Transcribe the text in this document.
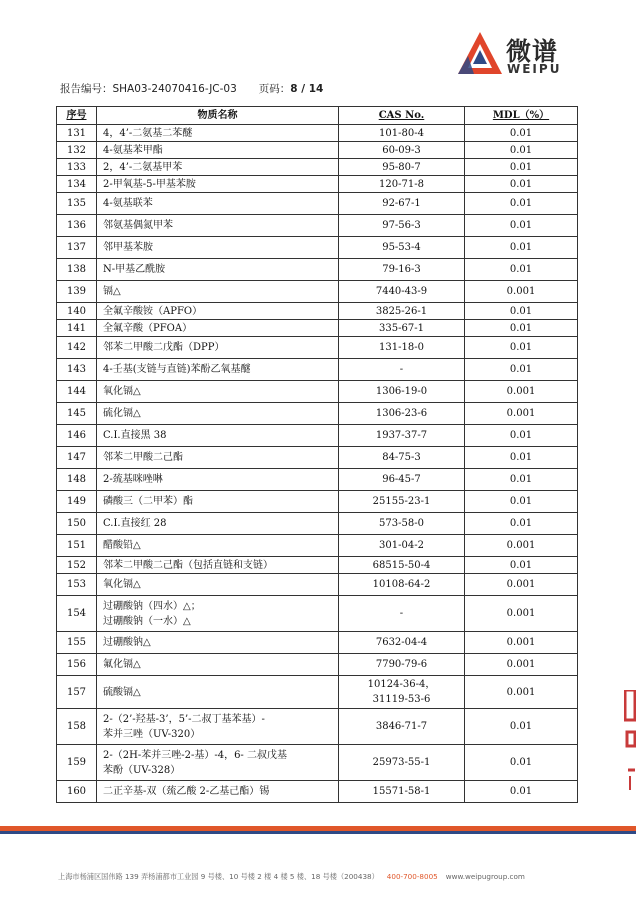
微谱
WEIPU
报告编号：SHA03-24070416-JC-03 页码：8 / 14
序号	物质名称	CAS No.	MDL（%）
131	4，4’-二氨基二苯醚	101-80-4	0.01
132	4-氨基苯甲酯	60-09-3	0.01
133	2，4’-二氨基甲苯	95-80-7	0.01
134	2-甲氧基-5-甲基苯胺	120-71-8	0.01
135	4-氨基联苯	92-67-1	0.01
136	邻氨基偶氮甲苯	97-56-3	0.01
137	邻甲基苯胺	95-53-4	0.01
138	N-甲基乙酰胺	79-16-3	0.01
139	镉△	7440-43-9	0.001
140	全氟辛酸铵（APFO）	3825-26-1	0.01
141	全氟辛酸（PFOA）	335-67-1	0.01
142	邻苯二甲酸二戊酯（DPP）	131-18-0	0.01
143	4-壬基(支链与直链)苯酚乙氧基醚	-	0.01
144	氧化镉△	1306-19-0	0.001
145	硫化镉△	1306-23-6	0.001
146	C.I.直接黑 38	1937-37-7	0.01
147	邻苯二甲酸二己酯	84-75-3	0.01
148	2-巯基咪唑啉	96-45-7	0.01
149	磷酸三（二甲苯）酯	25155-23-1	0.01
150	C.I.直接红 28	573-58-0	0.01
151	醋酸铅△	301-04-2	0.001
152	邻苯二甲酸二己酯（包括直链和支链）	68515-50-4	0.01
153	氧化镉△	10108-64-2	0.001
154	过硼酸钠（四水）△；
过硼酸钠（一水）△	-	0.001
155	过硼酸钠△	7632-04-4	0.001
156	氟化镉△	7790-79-6	0.001
157	硫酸镉△	10124-36-4，
31119-53-6	0.001
158	2-（2’-羟基-3’，5’-二叔丁基苯基）-
苯并三唑（UV-320）	3846-71-7	0.01
159	2-（2H-苯并三唑-2-基）-4，6- 二叔戊基
苯酚（UV-328）	25973-55-1	0.01
160	二正辛基-双（巯乙酸 2-乙基己酯）锡	15571-58-1	0.01
上海市杨浦区国伟路 139 弄杨浦都市工业园 9 号楼、10 号楼 2 楼 4 楼 5 楼、18 号楼（200438） 400-700-8005 www.weipugroup.com
